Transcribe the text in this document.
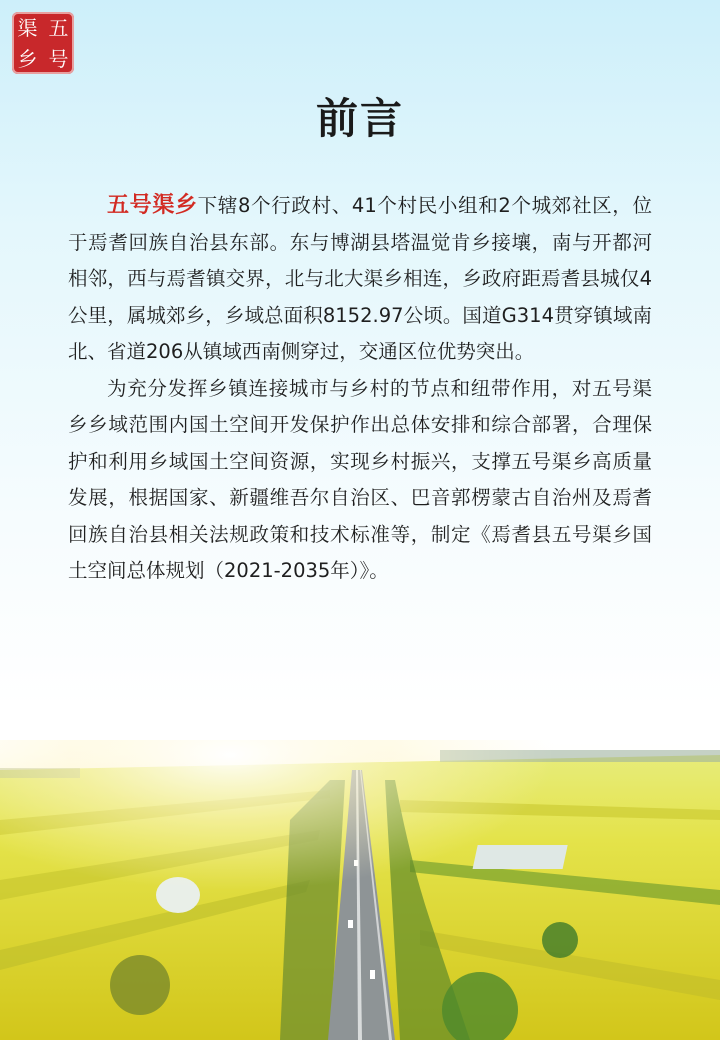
渠 五
乡 号
前言

五号渠乡下辖8个行政村、41个村民小组和2个城郊社区，位于焉耆回族自治县东部。东与博湖县塔温觉肯乡接壤，南与开都河相邻，西与焉耆镇交界，北与北大渠乡相连，乡政府距焉耆县城仅4公里，属城郊乡，乡域总面积8152.97公顷。国道G314贯穿镇域南北、省道206从镇域西南侧穿过，交通区位优势突出。

为充分发挥乡镇连接城市与乡村的节点和纽带作用，对五号渠乡乡域范围内国土空间开发保护作出总体安排和综合部署，合理保护和利用乡域国土空间资源，实现乡村振兴，支撑五号渠乡高质量发展，根据国家、新疆维吾尔自治区、巴音郭楞蒙古自治州及焉耆回族自治县相关法规政策和技术标准等，制定《焉耆县五号渠乡国土空间总体规划（2021-2035年）》。
